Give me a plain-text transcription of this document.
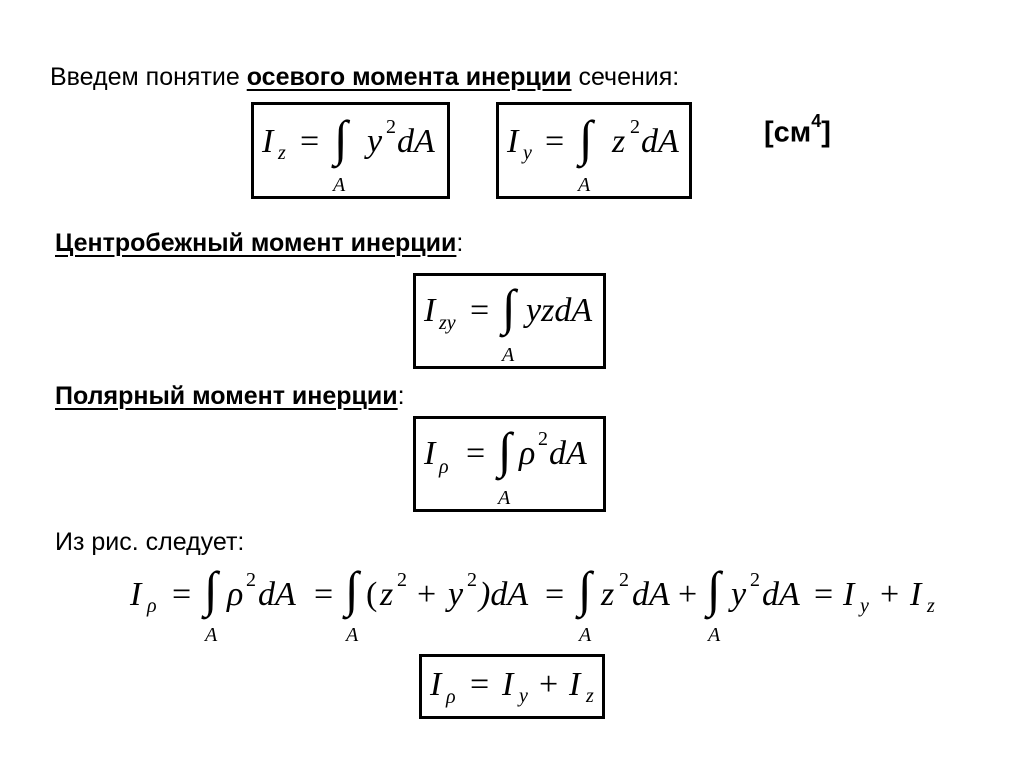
Введем понятие осевого момента инерции сечения:
$[см^4]$
I z = ∫
A
y 2 dA I y = ∫
A
z 2 dA
Центробежный момент инерции:
I zy = ∫
A
yzdA
Полярный момент инерции:
I ρ = ∫
A
ρ 2 dA
Из рис. следует:
I ρ = ∫
A
ρ 2 dA = ∫
A
( z 2 + y 2 )dA = ∫
A
z 2 dA + ∫
A
y 2 dA = I y + I z
I ρ = I y + I z
